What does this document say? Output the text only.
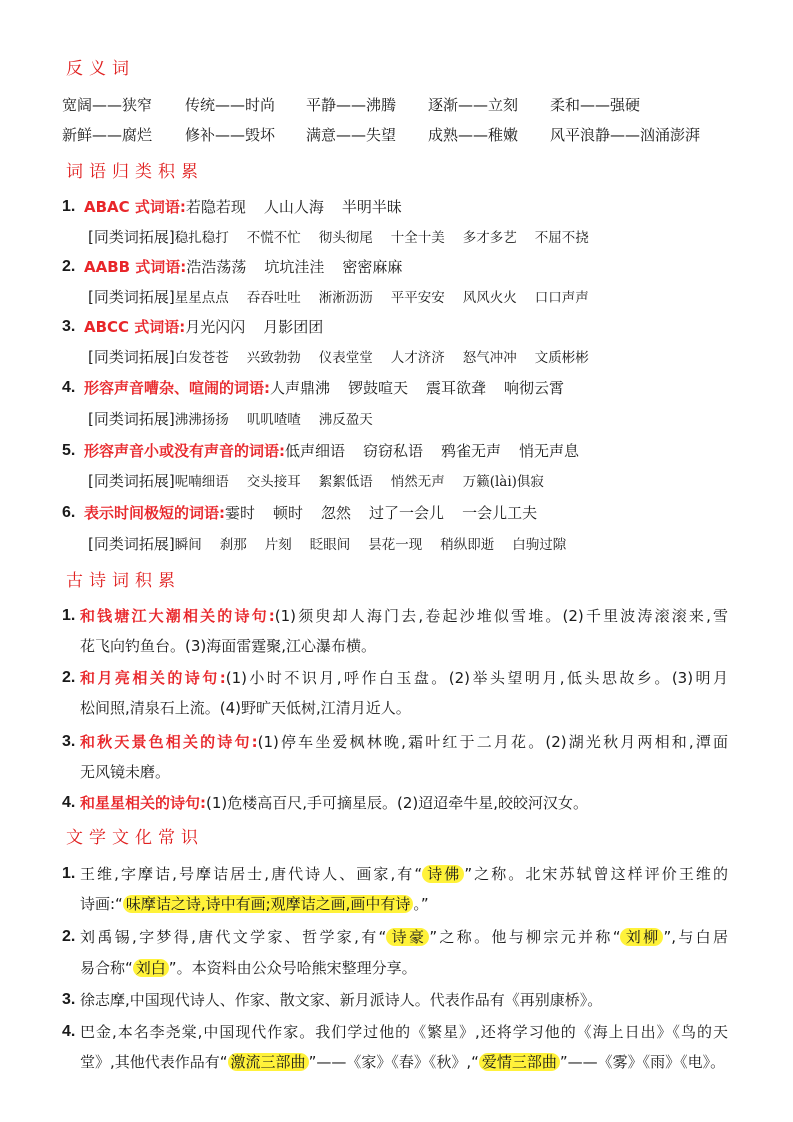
反义词
宽阔——狭窄 传统——时尚 平静——沸腾 逐渐——立刻 柔和——强硬
新鲜——腐烂 修补——毁坏 满意——失望 成熟——稚嫩 风平浪静——汹涌澎湃
词语归类积累
1. ABAC 式词语:若隐若现 人山人海 半明半昧
[同类词拓展]稳扎稳打 不慌不忙 彻头彻尾 十全十美 多才多艺 不屈不挠
2. AABB 式词语:浩浩荡荡 坑坑洼洼 密密麻麻
[同类词拓展]星星点点 吞吞吐吐 淅淅沥沥 平平安安 风风火火 口口声声
3. ABCC 式词语:月光闪闪 月影团团
[同类词拓展]白发苍苍 兴致勃勃 仪表堂堂 人才济济 怒气冲冲 文质彬彬
4. 形容声音嘈杂、喧闹的词语:人声鼎沸 锣鼓喧天 震耳欲聋 响彻云霄
[同类词拓展]沸沸扬扬 叽叽喳喳 沸反盈天
5. 形容声音小或没有声音的词语:低声细语 窃窃私语 鸦雀无声 悄无声息
[同类词拓展]呢喃细语 交头接耳 絮絮低语 悄然无声 万籁(lài)俱寂
6. 表示时间极短的词语:霎时 顿时 忽然 过了一会儿 一会儿工夫
[同类词拓展]瞬间 刹那 片刻 眨眼间 昙花一现 稍纵即逝 白驹过隙
古诗词积累
1. 和钱塘江大潮相关的诗句:(1)须臾却人海门去,卷起沙堆似雪堆。(2)千里波涛滚滚来,雪
花飞向钓鱼台。(3)海面雷霆聚,江心瀑布横。
2. 和月亮相关的诗句:(1)小时不识月,呼作白玉盘。(2)举头望明月,低头思故乡。(3)明月
松间照,清泉石上流。(4)野旷天低树,江清月近人。
3. 和秋天景色相关的诗句:(1)停车坐爱枫林晚,霜叶红于二月花。(2)湖光秋月两相和,潭面
无风镜未磨。
4. 和星星相关的诗句:(1)危楼高百尺,手可摘星辰。(2)迢迢牵牛星,皎皎河汉女。
文学文化常识
1. 王维,字摩诘,号摩诘居士,唐代诗人、画家,有“ 诗佛 ”之称。北宋苏轼曾这样评价王维的
诗画:“ 味摩诘之诗,诗中有画;观摩诘之画,画中有诗 。”
2. 刘禹锡,字梦得,唐代文学家、哲学家,有“ 诗豪 ”之称。他与柳宗元并称“ 刘柳 ”,与白居
易合称“ 刘白 ”。本资料由公众号哈熊宋整理分享。
3. 徐志摩,中国现代诗人、作家、散文家、新月派诗人。代表作品有《再别康桥》。
4. 巴金,本名李尧棠,中国现代作家。我们学过他的《繁星》,还将学习他的《海上日出》《鸟的天
堂》,其他代表作品有“ 激流三部曲 ”——《家》《春》《秋》,“ 爱情三部曲 ”——《雾》《雨》《电》。
